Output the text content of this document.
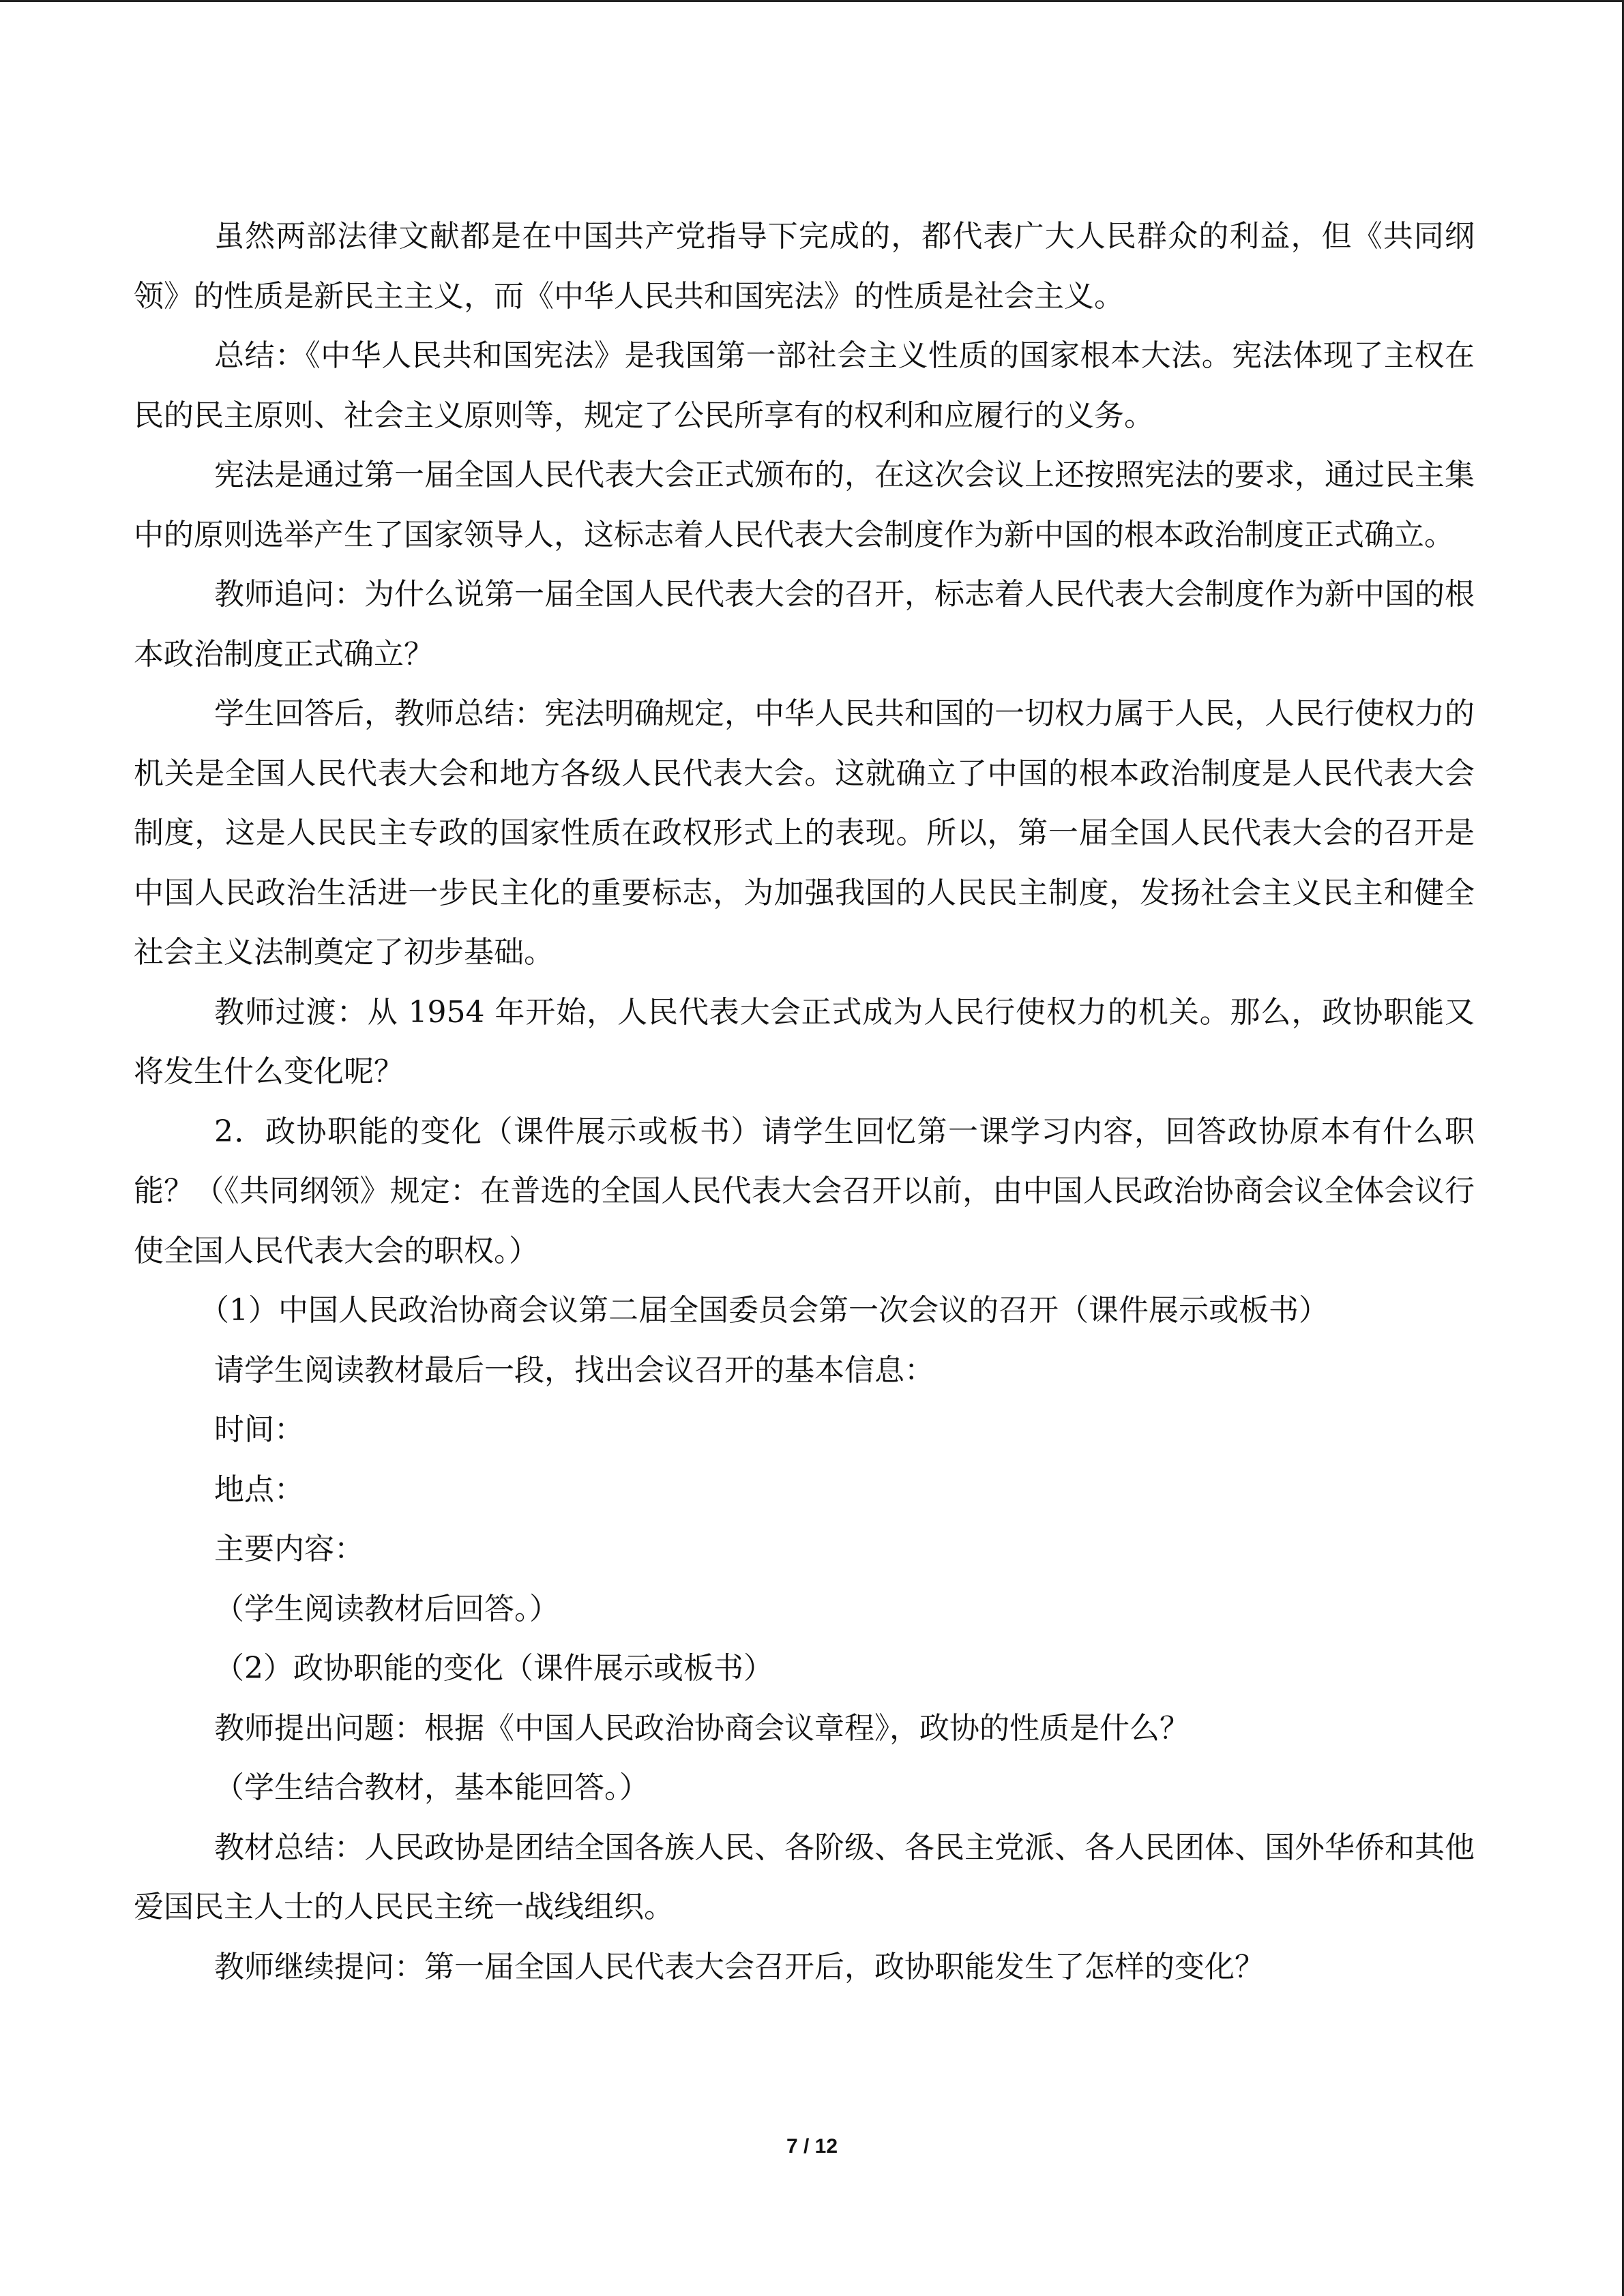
虽然两部法律文献都是在中国共产党指导下完成的，都代表广大人民群众的利益，但《共同纲领》的性质是新民主主义，而《中华人民共和国宪法》的性质是社会主义。

总结：《中华人民共和国宪法》是我国第一部社会主义性质的国家根本大法。宪法体现了主权在民的民主原则、社会主义原则等，规定了公民所享有的权利和应履行的义务。

宪法是通过第一届全国人民代表大会正式颁布的，在这次会议上还按照宪法的要求，通过民主集中的原则选举产生了国家领导人，这标志着人民代表大会制度作为新中国的根本政治制度正式确立。

教师追问：为什么说第一届全国人民代表大会的召开，标志着人民代表大会制度作为新中国的根本政治制度正式确立？

学生回答后，教师总结：宪法明确规定，中华人民共和国的一切权力属于人民，人民行使权力的机关是全国人民代表大会和地方各级人民代表大会。这就确立了中国的根本政治制度是人民代表大会制度，这是人民民主专政的国家性质在政权形式上的表现。所以，第一届全国人民代表大会的召开是中国人民政治生活进一步民主化的重要标志，为加强我国的人民民主制度，发扬社会主义民主和健全社会主义法制奠定了初步基础。

教师过渡：从 1954 年开始，人民代表大会正式成为人民行使权力的机关。那么，政协职能又将发生什么变化呢？

2．政协职能的变化（课件展示或板书）请学生回忆第一课学习内容，回答政协原本有什么职能？（《共同纲领》规定：在普选的全国人民代表大会召开以前，由中国人民政治协商会议全体会议行使全国人民代表大会的职权。）

（1）中国人民政治协商会议第二届全国委员会第一次会议的召开（课件展示或板书）

请学生阅读教材最后一段，找出会议召开的基本信息：

时间：

地点：

主要内容：

（学生阅读教材后回答。）

（2）政协职能的变化（课件展示或板书）

教师提出问题：根据《中国人民政治协商会议章程》，政协的性质是什么？

（学生结合教材，基本能回答。）

教材总结：人民政协是团结全国各族人民、各阶级、各民主党派、各人民团体、国外华侨和其他爱国民主人士的人民民主统一战线组织。

教师继续提问：第一届全国人民代表大会召开后，政协职能发生了怎样的变化？

7 / 12
